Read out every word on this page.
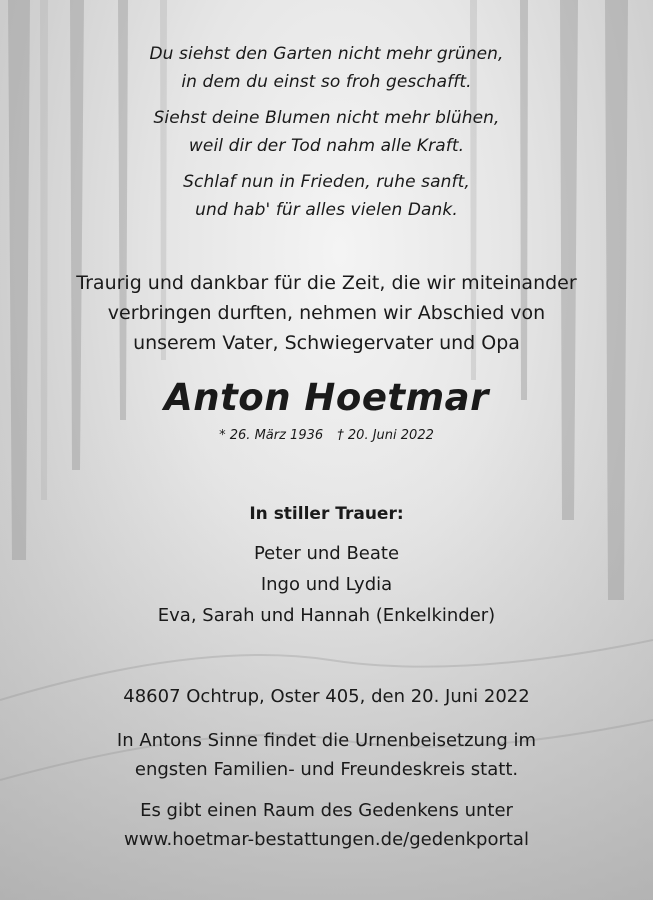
Du siehst den Garten nicht mehr grünen,
in dem du einst so froh geschafft.
Siehst deine Blumen nicht mehr blühen,
weil dir der Tod nahm alle Kraft.
Schlaf nun in Frieden, ruhe sanft,
und hab' für alles vielen Dank.
Traurig und dankbar für die Zeit, die wir miteinander
verbringen durften, nehmen wir Abschied von
unserem Vater, Schwiegervater und Opa
Anton Hoetmar
* 26. März 1936 † 20. Juni 2022
In stiller Trauer:
Peter und Beate
Ingo und Lydia
Eva, Sarah und Hannah (Enkelkinder)
48607 Ochtrup, Oster 405, den 20. Juni 2022
In Antons Sinne findet die Urnenbeisetzung im
engsten Familien- und Freundeskreis statt.
Es gibt einen Raum des Gedenkens unter
www.hoetmar-bestattungen.de/gedenkportal
